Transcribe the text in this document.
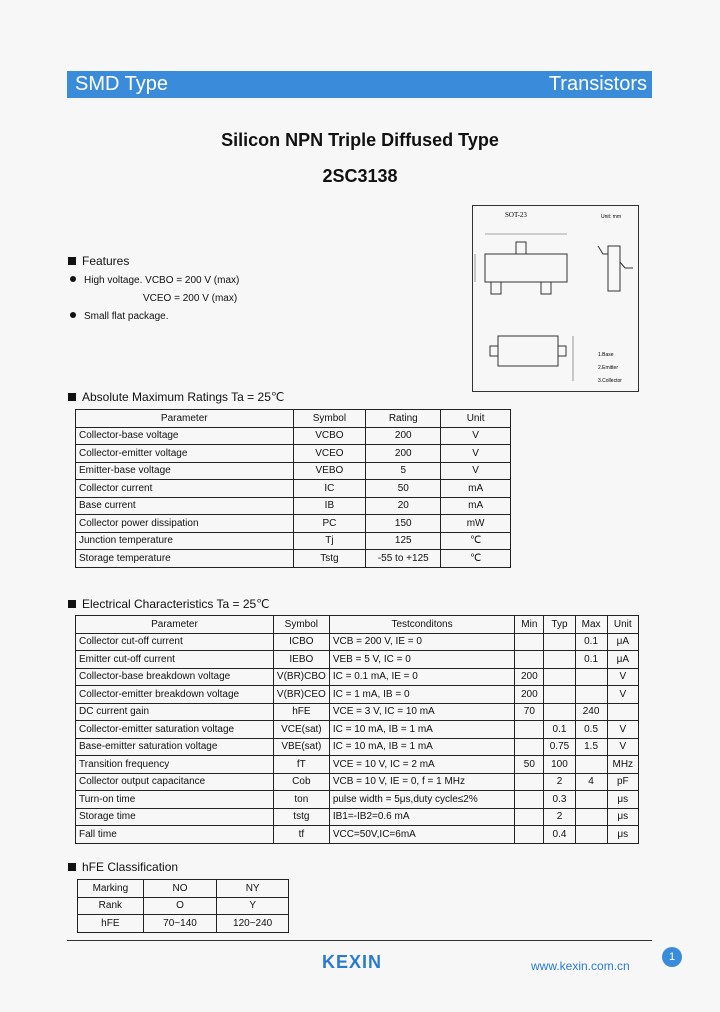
SMD Type	Transistors
Silicon NPN Triple Diffused Type
2SC3138
Features
High voltage. VCBO = 200 V (max)
VCEO = 200 V (max)
Small flat package.
SOT-23	Unit: mm
1.Base
2.Emitter
3.Collector
Absolute Maximum Ratings Ta = 25℃
Parameter	Symbol	Rating	Unit
Collector-base voltage	VCBO	200	V
Collector-emitter voltage	VCEO	200	V
Emitter-base voltage	VEBO	5	V
Collector current	IC	50	mA
Base current	IB	20	mA
Collector power dissipation	PC	150	mW
Junction temperature	Tj	125	℃
Storage temperature	Tstg	-55 to +125	℃
Electrical Characteristics Ta = 25℃
Parameter	Symbol	Testconditons	Min	Typ	Max	Unit
Collector cut-off current	ICBO	VCB = 200 V, IE = 0			0.1	μA
Emitter cut-off current	IEBO	VEB = 5 V, IC = 0			0.1	μA
Collector-base breakdown voltage	V(BR)CBO	IC = 0.1 mA, IE = 0	200			V
Collector-emitter breakdown voltage	V(BR)CEO	IC = 1 mA, IB = 0	200			V
DC current gain	hFE	VCE = 3 V, IC = 10 mA	70		240	
Collector-emitter saturation voltage	VCE(sat)	IC = 10 mA, IB = 1 mA		0.1	0.5	V
Base-emitter saturation voltage	VBE(sat)	IC = 10 mA, IB = 1 mA		0.75	1.5	V
Transition frequency	fT	VCE = 10 V, IC = 2 mA	50	100		MHz
Collector output capacitance	Cob	VCB = 10 V, IE = 0, f = 1 MHz		2	4	pF
Turn-on time	ton	pulse width = 5μs,duty cycle≤2%		0.3		μs
Storage time	tstg	IB1=-IB2=0.6 mA		2		μs
Fall time	tf	VCC=50V,IC=6mA		0.4		μs
hFE Classification
Marking	NO	NY
Rank	O	Y
hFE	70~140	120~240
KEXIN	www.kexin.com.cn
1
